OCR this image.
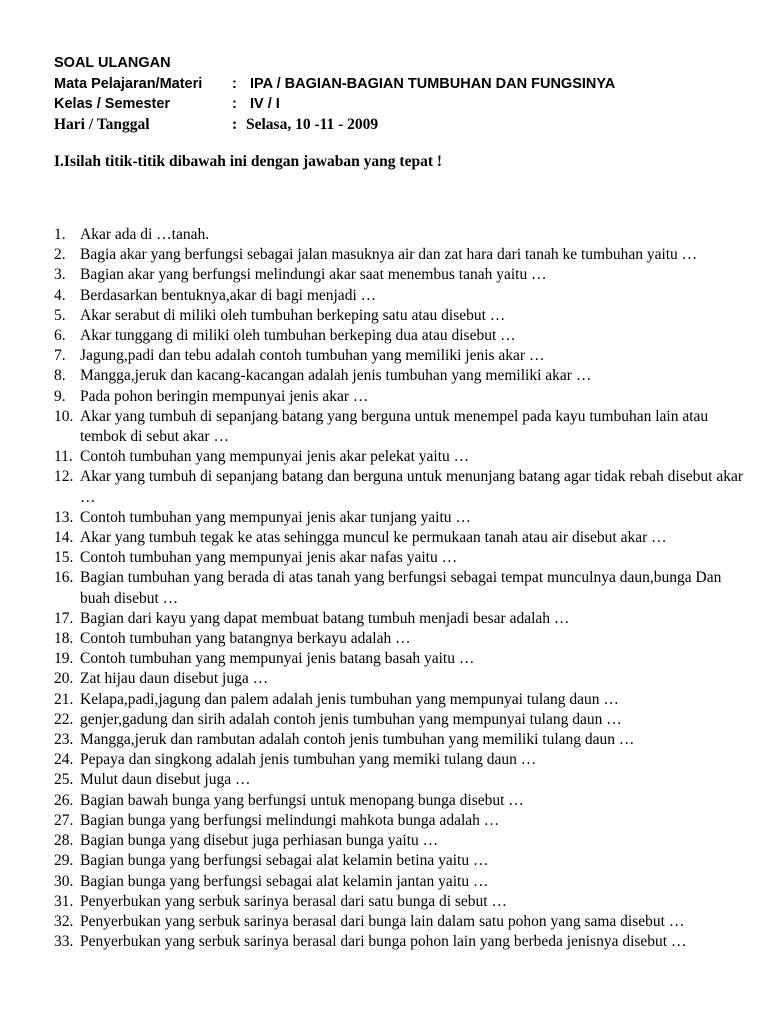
SOAL ULANGAN
Mata Pelajaran/Materi : IPA / BAGIAN-BAGIAN TUMBUHAN DAN FUNGSINYA
Kelas / Semester	: IV / I
Hari / Tanggal	: Selasa, 10 -11 - 2009
I.Isilah titik-titik dibawah ini dengan jawaban yang tepat !
1. Akar ada di …tanah.
2. Bagia akar yang berfungsi sebagai jalan masuknya air dan zat hara dari tanah ke tumbuhan yaitu …
3. Bagian akar yang berfungsi melindungi akar saat menembus tanah yaitu …
4. Berdasarkan bentuknya,akar di bagi menjadi …
5. Akar serabut di miliki oleh tumbuhan berkeping satu atau disebut …
6. Akar tunggang di miliki oleh tumbuhan berkeping dua atau disebut …
7. Jagung,padi dan tebu adalah contoh tumbuhan yang memiliki jenis akar …
8. Mangga,jeruk dan kacang-kacangan adalah jenis tumbuhan yang memiliki akar …
9. Pada pohon beringin mempunyai jenis akar …
10. Akar yang tumbuh di sepanjang batang yang berguna untuk menempel pada kayu tumbuhan lain atau tembok di sebut akar …
11. Contoh tumbuhan yang mempunyai jenis akar pelekat yaitu …
12. Akar yang tumbuh di sepanjang batang dan berguna untuk menunjang batang agar tidak rebah disebut akar …
13. Contoh tumbuhan yang mempunyai jenis akar tunjang yaitu …
14. Akar yang tumbuh tegak ke atas sehingga muncul ke permukaan tanah atau air disebut akar …
15. Contoh tumbuhan yang mempunyai jenis akar nafas yaitu …
16. Bagian tumbuhan yang berada di atas tanah yang berfungsi sebagai tempat munculnya daun,bunga Dan buah disebut …
17. Bagian dari kayu yang dapat membuat batang tumbuh menjadi besar adalah …
18. Contoh tumbuhan yang batangnya berkayu adalah …
19. Contoh tumbuhan yang mempunyai jenis batang basah yaitu …
20. Zat hijau daun disebut juga …
21. Kelapa,padi,jagung dan palem adalah jenis tumbuhan yang mempunyai tulang daun …
22. genjer,gadung dan sirih adalah contoh jenis tumbuhan yang mempunyai tulang daun …
23. Mangga,jeruk dan rambutan adalah contoh jenis tumbuhan yang memiliki tulang daun …
24. Pepaya dan singkong adalah jenis tumbuhan yang memiki tulang daun …
25. Mulut daun disebut juga …
26. Bagian bawah bunga yang berfungsi untuk menopang bunga disebut …
27. Bagian bunga yang berfungsi melindungi mahkota bunga adalah …
28. Bagian bunga yang disebut juga perhiasan bunga yaitu …
29. Bagian bunga yang berfungsi sebagai alat kelamin betina yaitu …
30. Bagian bunga yang berfungsi sebagai alat kelamin jantan yaitu …
31. Penyerbukan yang serbuk sarinya berasal dari satu bunga di sebut …
32. Penyerbukan yang serbuk sarinya berasal dari bunga lain dalam satu pohon yang sama disebut …
33. Penyerbukan yang serbuk sarinya berasal dari bunga pohon lain yang berbeda jenisnya disebut …
